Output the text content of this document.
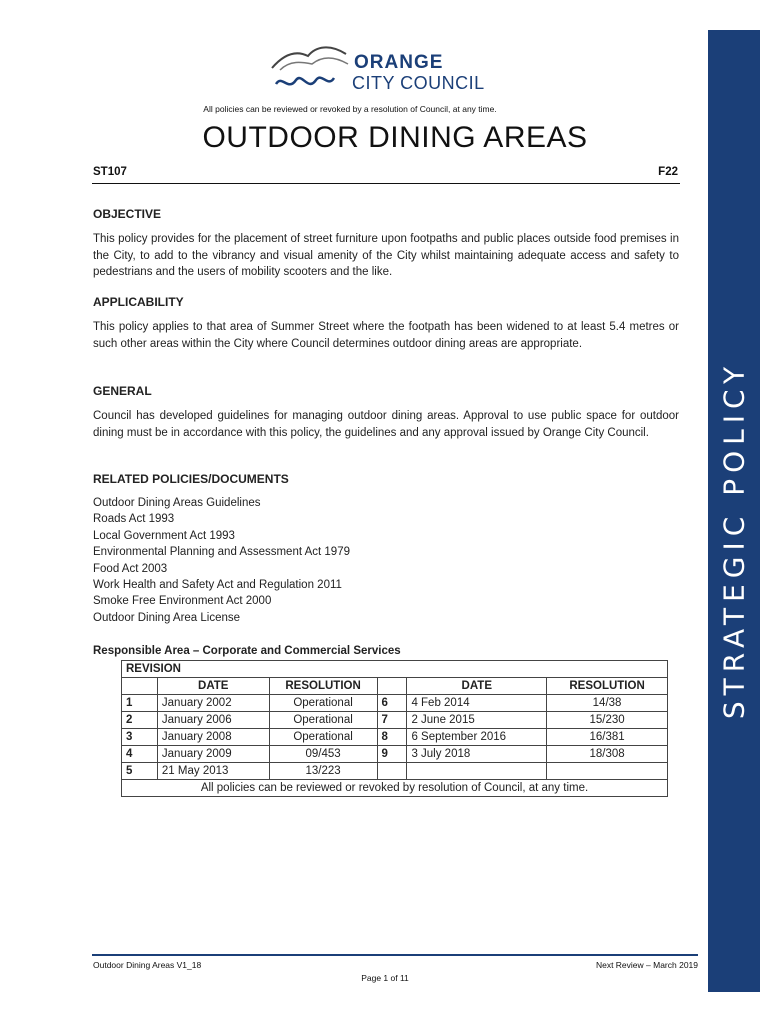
ORANGE
CITY COUNCIL
All policies can be reviewed or revoked by a resolution of Council, at any time.
OUTDOOR DINING AREAS
ST107	F22
OBJECTIVE
This policy provides for the placement of street furniture upon footpaths and public places outside food premises in the City, to add to the vibrancy and visual amenity of the City whilst maintaining adequate access and safety to pedestrians and the users of mobility scooters and the like.
APPLICABILITY
This policy applies to that area of Summer Street where the footpath has been widened to at least 5.4 metres or such other areas within the City where Council determines outdoor dining areas are appropriate.
GENERAL
Council has developed guidelines for managing outdoor dining areas. Approval to use public space for outdoor dining must be in accordance with this policy, the guidelines and any approval issued by Orange City Council.
RELATED POLICIES/DOCUMENTS
Outdoor Dining Areas Guidelines
Roads Act 1993
Local Government Act 1993
Environmental Planning and Assessment Act 1979
Food Act 2003
Work Health and Safety Act and Regulation 2011
Smoke Free Environment Act 2000
Outdoor Dining Area License
Responsible Area – Corporate and Commercial Services
REVISION					
	DATE	RESOLUTION		DATE	RESOLUTION
1	January 2002	Operational	6	4 Feb 2014	14/38
2	January 2006	Operational	7	2 June 2015	15/230
3	January 2008	Operational	8	6 September 2016	16/381
4	January 2009	09/453	9	3 July 2018	18/308
5	21 May 2013	13/223			
All policies can be reviewed or revoked by resolution of Council, at any time.					
STRATEGIC POLICY
Outdoor Dining Areas V1_18	Next Review – March 2019
Page 1 of 11
